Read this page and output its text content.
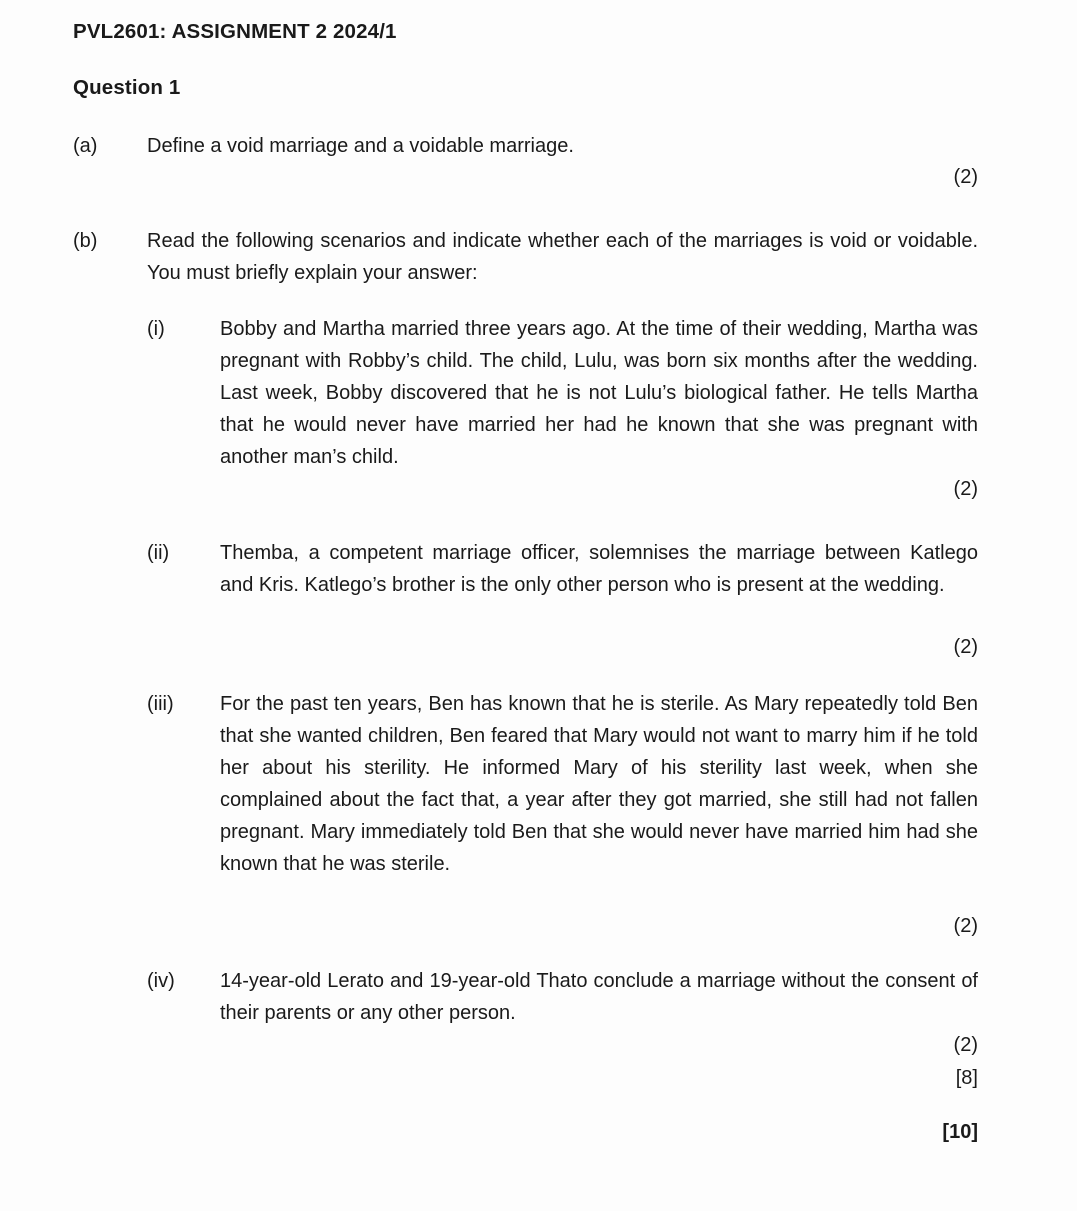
PVL2601: ASSIGNMENT 2 2024/1
Question 1
(a) Define a void marriage and a voidable marriage.
(2)
(b) Read the following scenarios and indicate whether each of the marriages is void or voidable. You must briefly explain your answer:
(i)	Bobby and Martha married three years ago. At the time of their wedding, Martha was pregnant with Robby’s child. The child, Lulu, was born six months after the wedding. Last week, Bobby discovered that he is not Lulu’s biological father. He tells Martha that he would never have married her had he known that she was pregnant with another man’s child.
(2)
(ii)	Themba, a competent marriage officer, solemnises the marriage between Katlego and Kris. Katlego’s brother is the only other person who is present at the wedding.
(2)
(iii) For the past ten years, Ben has known that he is sterile. As Mary repeatedly told Ben that she wanted children, Ben feared that Mary would not want to marry him if he told her about his sterility. He informed Mary of his sterility last week, when she complained about the fact that, a year after they got married, she still had not fallen pregnant. Mary immediately told Ben that she would never have married him had she known that he was sterile.
(2)
(iv) 14-year-old Lerato and 19-year-old Thato conclude a marriage without the consent of their parents or any other person.
(2)
[8]
[10]
